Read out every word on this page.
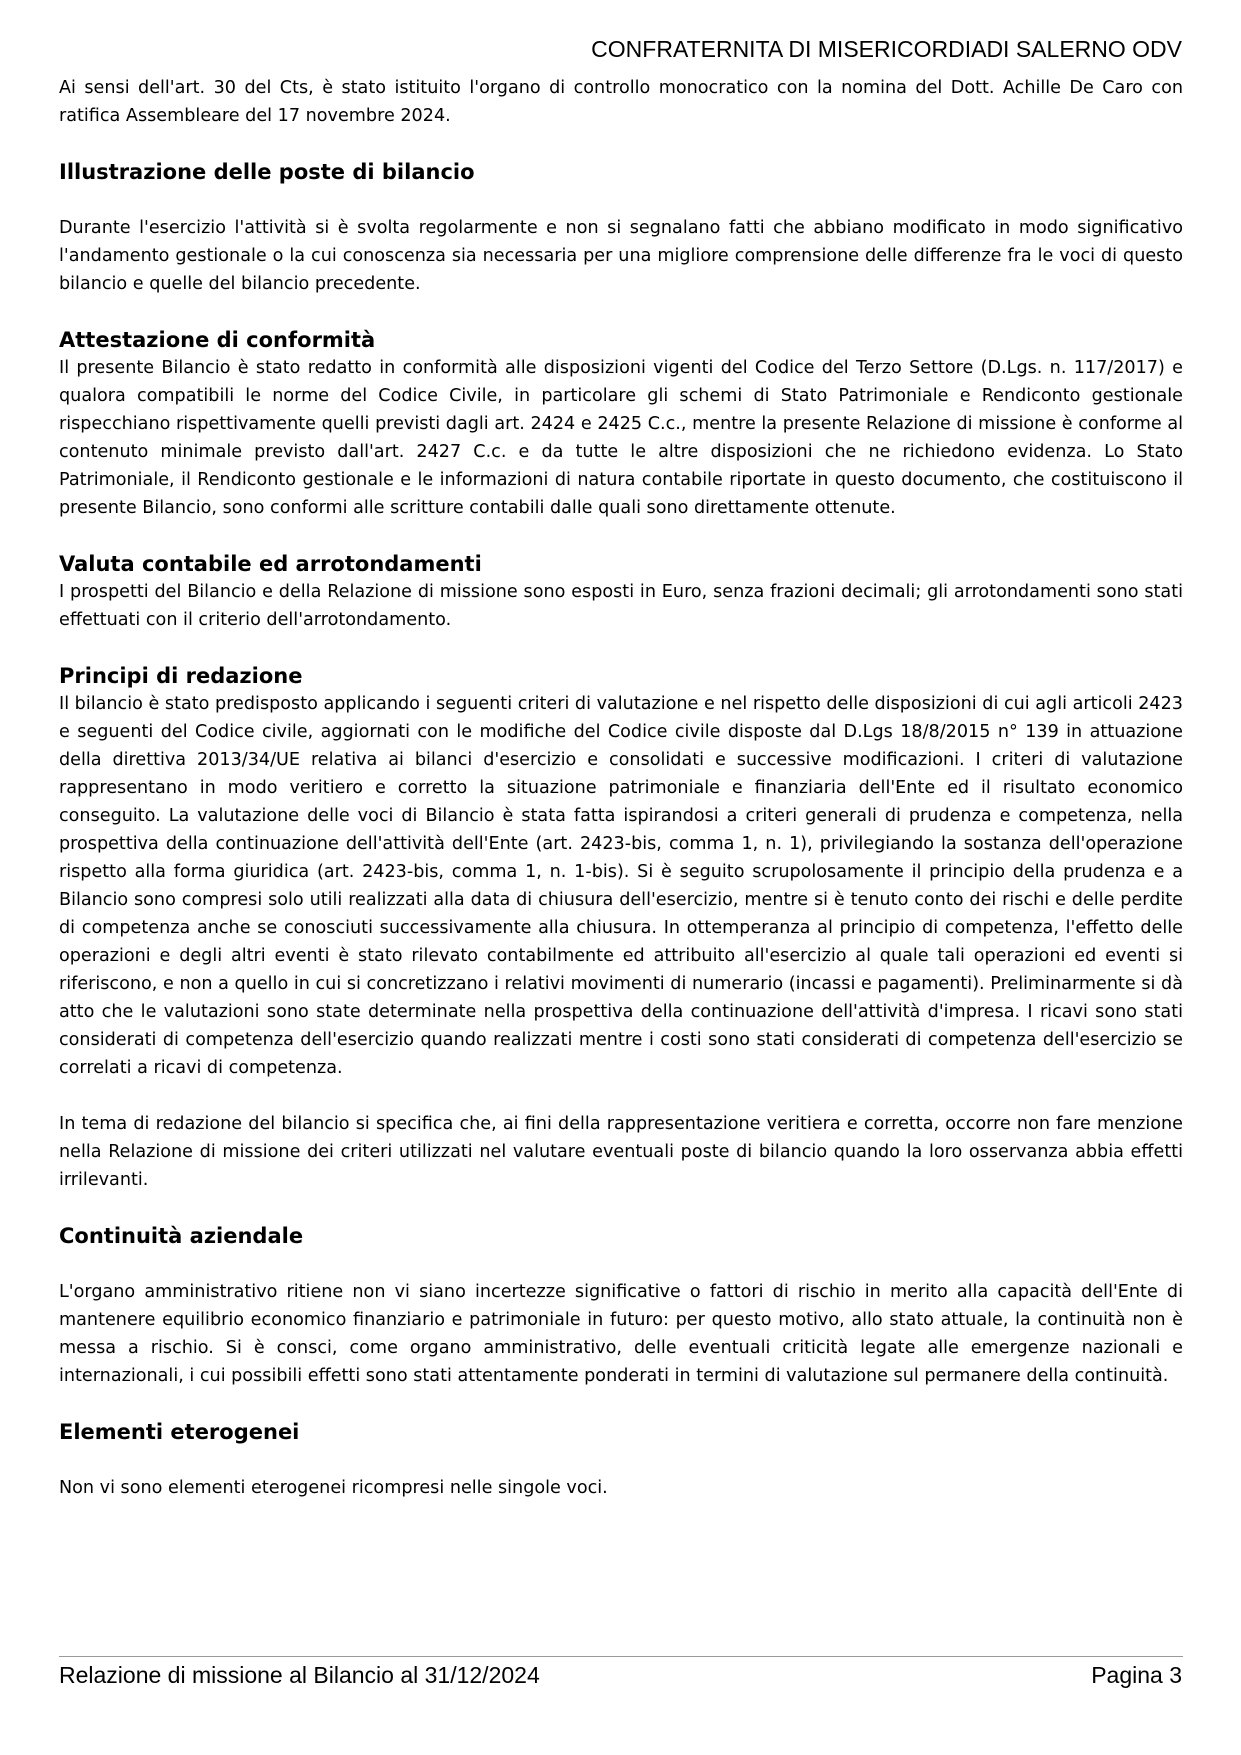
CONFRATERNITA DI MISERICORDIADI SALERNO ODV

Ai sensi dell'art. 30 del Cts, è stato istituito l'organo di controllo monocratico con la nomina del Dott. Achille De Caro con ratifica Assembleare del 17 novembre 2024.

Illustrazione delle poste di bilancio

Durante l'esercizio l'attività si è svolta regolarmente e non si segnalano fatti che abbiano modificato in modo significativo l'andamento gestionale o la cui conoscenza sia necessaria per una migliore comprensione delle differenze fra le voci di questo bilancio e quelle del bilancio precedente.

Attestazione di conformità

Il presente Bilancio è stato redatto in conformità alle disposizioni vigenti del Codice del Terzo Settore (D.Lgs. n. 117/2017) e qualora compatibili le norme del Codice Civile, in particolare gli schemi di Stato Patrimoniale e Rendiconto gestionale rispecchiano rispettivamente quelli previsti dagli art. 2424 e 2425 C.c., mentre la presente Relazione di missione è conforme al contenuto minimale previsto dall'art. 2427 C.c. e da tutte le altre disposizioni che ne richiedono evidenza. Lo Stato Patrimoniale, il Rendiconto gestionale e le informazioni di natura contabile riportate in questo documento, che costituiscono il presente Bilancio, sono conformi alle scritture contabili dalle quali sono direttamente ottenute.

Valuta contabile ed arrotondamenti

I prospetti del Bilancio e della Relazione di missione sono esposti in Euro, senza frazioni decimali; gli arrotondamenti sono stati effettuati con il criterio dell'arrotondamento.

Principi di redazione

Il bilancio è stato predisposto applicando i seguenti criteri di valutazione e nel rispetto delle disposizioni di cui agli articoli 2423 e seguenti del Codice civile, aggiornati con le modifiche del Codice civile disposte dal D.Lgs 18/8/2015 n° 139 in attuazione della direttiva 2013/34/UE relativa ai bilanci d'esercizio e consolidati e successive modificazioni. I criteri di valutazione rappresentano in modo veritiero e corretto la situazione patrimoniale e finanziaria dell'Ente ed il risultato economico conseguito. La valutazione delle voci di Bilancio è stata fatta ispirandosi a criteri generali di prudenza e competenza, nella prospettiva della continuazione dell'attività dell'Ente (art. 2423-bis, comma 1, n. 1), privilegiando la sostanza dell'operazione rispetto alla forma giuridica (art. 2423-bis, comma 1, n. 1-bis). Si è seguito scrupolosamente il principio della prudenza e a Bilancio sono compresi solo utili realizzati alla data di chiusura dell'esercizio, mentre si è tenuto conto dei rischi e delle perdite di competenza anche se conosciuti successivamente alla chiusura. In ottemperanza al principio di competenza, l'effetto delle operazioni e degli altri eventi è stato rilevato contabilmente ed attribuito all'esercizio al quale tali operazioni ed eventi si riferiscono, e non a quello in cui si concretizzano i relativi movimenti di numerario (incassi e pagamenti). Preliminarmente si dà atto che le valutazioni sono state determinate nella prospettiva della continuazione dell'attività d'impresa. I ricavi sono stati considerati di competenza dell'esercizio quando realizzati mentre i costi sono stati considerati di competenza dell'esercizio se correlati a ricavi di competenza.

In tema di redazione del bilancio si specifica che, ai fini della rappresentazione veritiera e corretta, occorre non fare menzione nella Relazione di missione dei criteri utilizzati nel valutare eventuali poste di bilancio quando la loro osservanza abbia effetti irrilevanti.

Continuità aziendale

L'organo amministrativo ritiene non vi siano incertezze significative o fattori di rischio in merito alla capacità dell'Ente di mantenere equilibrio economico finanziario e patrimoniale in futuro: per questo motivo, allo stato attuale, la continuità non è messa a rischio. Si è consci, come organo amministrativo, delle eventuali criticità legate alle emergenze nazionali e internazionali, i cui possibili effetti sono stati attentamente ponderati in termini di valutazione sul permanere della continuità.

Elementi eterogenei

Non vi sono elementi eterogenei ricompresi nelle singole voci.

Relazione di missione al Bilancio al 31/12/2024	Pagina 3
